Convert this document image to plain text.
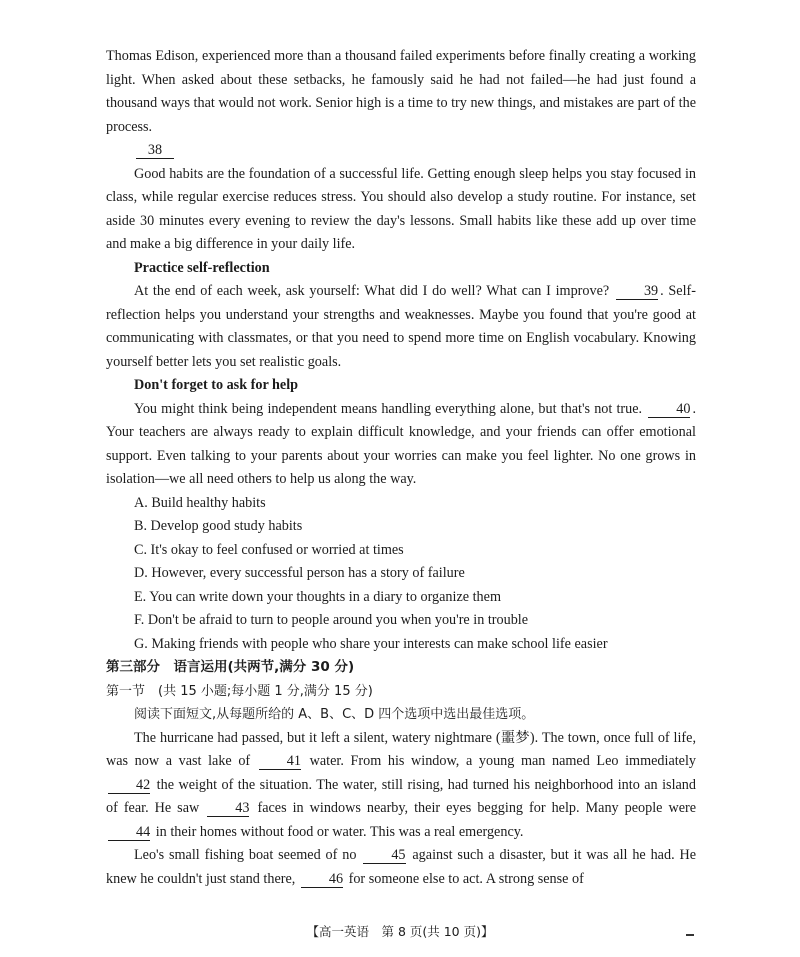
Thomas Edison, experienced more than a thousand failed experiments before finally creating a working light. When asked about these setbacks, he famously said he had not failed—he had just found a thousand ways that would not work. Senior high is a time to try new things, and mistakes are part of the process.

38

Good habits are the foundation of a successful life. Getting enough sleep helps you stay focused in class, while regular exercise reduces stress. You should also develop a study routine. For instance, set aside 30 minutes every evening to review the day's lessons. Small habits like these add up over time and make a big difference in your daily life.

Practice self-reflection

At the end of each week, ask yourself: What did I do well? What can I improve? 39 . Self-reflection helps you understand your strengths and weaknesses. Maybe you found that you're good at communicating with classmates, or that you need to spend more time on English vocabulary. Knowing yourself better lets you set realistic goals.

Don't forget to ask for help

You might think being independent means handling everything alone, but that's not true. 40 . Your teachers are always ready to explain difficult knowledge, and your friends can offer emotional support. Even talking to your parents about your worries can make you feel lighter. No one grows in isolation—we all need others to help us along the way.

A. Build healthy habits

B. Develop good study habits

C. It's okay to feel confused or worried at times

D. However, every successful person has a story of failure

E. You can write down your thoughts in a diary to organize them

F. Don't be afraid to turn to people around you when you're in trouble

G. Making friends with people who share your interests can make school life easier

第三部分　语言运用(共两节,满分 30 分)

第一节　(共 15 小题;每小题 1 分,满分 15 分)

阅读下面短文,从每题所给的 A、B、C、D 四个选项中选出最佳选项。

The hurricane had passed, but it left a silent, watery nightmare (噩梦). The town, once full of life, was now a vast lake of	41 water. From his window, a young man named Leo immediately 42 the weight of the situation. The water, still rising, had turned his neighborhood into an island of fear. He saw	43 faces in windows nearby, their eyes begging for help. Many people were 44 in their homes without food or water. This was a real emergency.

Leo's small fishing boat seemed of no 45 against such a disaster, but it was all he had. He knew he couldn't just stand there, 46 for someone else to act. A strong sense of

【高一英语　第 8 页(共 10 页)】
